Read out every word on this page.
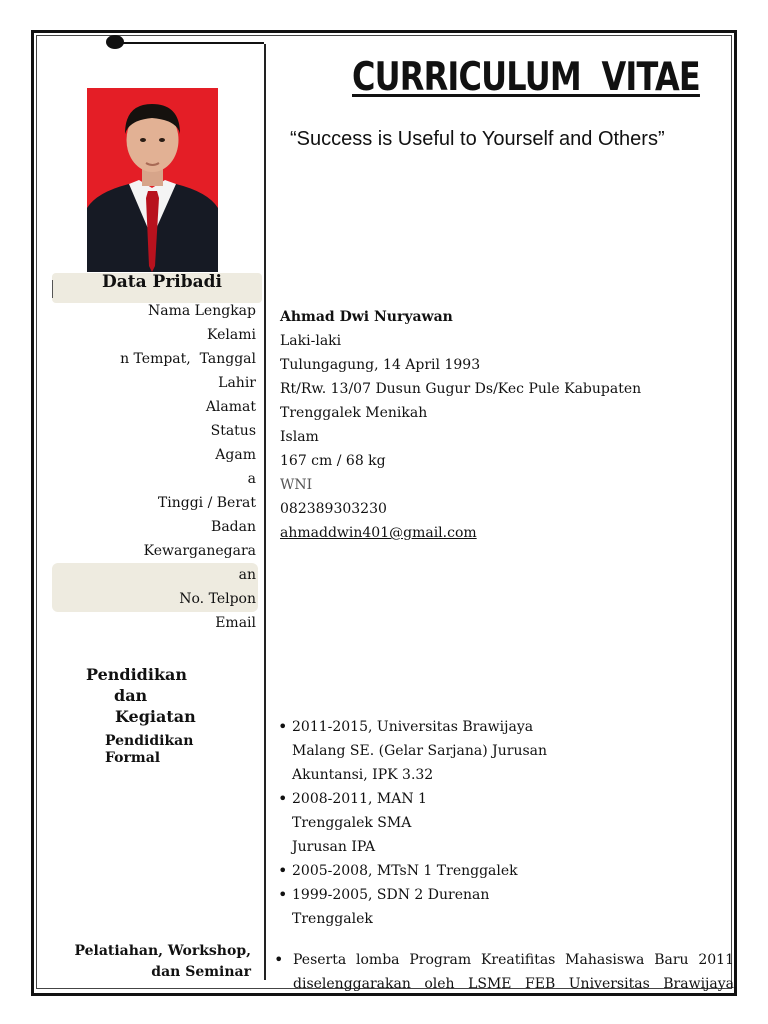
CURRICULUM  VITAE
“Success is Useful to Yourself and Others”
Data Pribadi
Nama Lengkap
Kelami
n Tempat,  Tanggal
Lahir
Alamat
Status
Agam
a
Tinggi / Berat
Badan
Kewarganegara
an
No. Telpon
Email
Ahmad Dwi Nuryawan
Laki-laki
Tulungagung, 14 April 1993
Rt/Rw. 13/07 Dusun Gugur Ds/Kec Pule Kabupaten
Trenggalek Menikah
Islam
167 cm / 68 kg
WNI
082389303230
ahmaddwin401@gmail.com
Pendidikan
dan
Kegiatan
Pendidikan
Formal
• 2011-2015, Universitas Brawijaya Malang SE. (Gelar Sarjana) Jurusan Akuntansi, IPK 3.32
• 2008-2011, MAN 1 Trenggalek SMA Jurusan IPA
• 2005-2008, MTsN 1 Trenggalek
• 1999-2005, SDN 2 Durenan Trenggalek
Pelatiahan, Workshop,
dan Seminar
• Peserta lomba Program Kreatifitas Mahasiswa Baru 2011 diselenggarakan oleh LSME FEB Universitas Brawijaya
